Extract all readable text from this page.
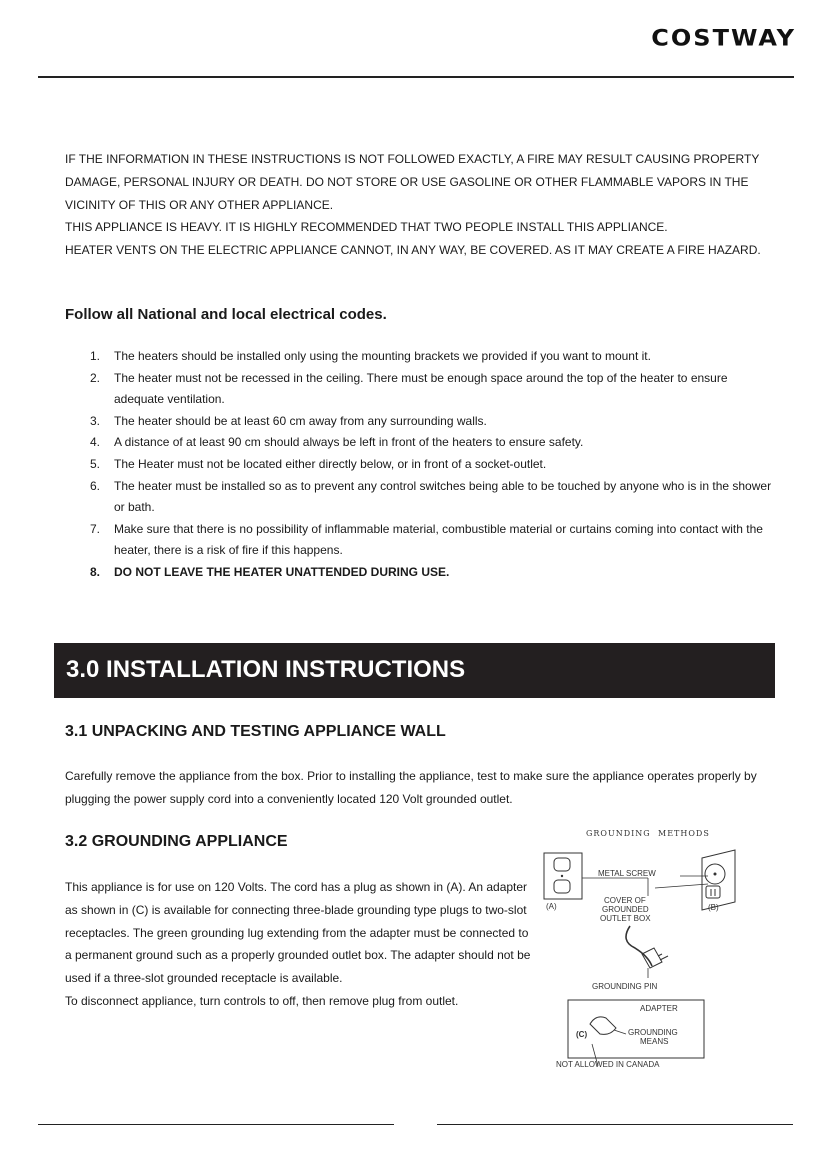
COSTWAY

IF THE INFORMATION IN THESE INSTRUCTIONS IS NOT FOLLOWED EXACTLY, A FIRE MAY RESULT CAUSING PROPERTY DAMAGE, PERSONAL INJURY OR DEATH. DO NOT STORE OR USE GASOLINE OR OTHER FLAMMABLE VAPORS IN THE VICINITY OF THIS OR ANY OTHER APPLIANCE.

THIS APPLIANCE IS HEAVY. IT IS HIGHLY RECOMMENDED THAT TWO PEOPLE INSTALL THIS APPLIANCE.

HEATER VENTS ON THE ELECTRIC APPLIANCE CANNOT, IN ANY WAY, BE COVERED. AS IT MAY CREATE A FIRE HAZARD.

Follow all National and local electrical codes.
1. The heaters should be installed only using the mounting brackets we provided if you want to mount it.
2. The heater must not be recessed in the ceiling. There must be enough space around the top of the heater to ensure adequate ventilation.
3. The heater should be at least 60 cm away from any surrounding walls.
4. A distance of at least 90 cm should always be left in front of the heaters to ensure safety.
5. The Heater must not be located either directly below, or in front of a socket-outlet.
6. The heater must be installed so as to prevent any control switches being able to be touched by anyone who is in the shower or bath.
7. Make sure that there is no possibility of inflammable material, combustible material or curtains coming into contact with the heater, there is a risk of fire if this happens.
8. DO NOT LEAVE THE HEATER UNATTENDED DURING USE.
3.0 INSTALLATION INSTRUCTIONS
3.1 UNPACKING AND TESTING APPLIANCE WALL
Carefully remove the appliance from the box. Prior to installing the appliance, test to make sure the appliance operates properly by plugging the power supply cord into a conveniently located 120 Volt grounded outlet.
3.2 GROUNDING APPLIANCE
This appliance is for use on 120 Volts. The cord has a plug as shown in (A). An adapter as shown in (C) is available for connecting three-blade grounding type plugs to two-slot receptacles. The green grounding lug extending from the adapter must be connected to a permanent ground such as a properly grounded outlet box. The adapter should not be used if a three-slot grounded receptacle is available.
To disconnect appliance, turn controls to off, then remove plug from outlet.
GROUNDING METHODS
METAL SCREW
COVER OF
GROUNDED
OUTLET BOX
(A)	(B)
GROUNDING PIN
ADAPTER
(C)	GROUNDING
MEANS
NOT ALLOWED IN CANADA
